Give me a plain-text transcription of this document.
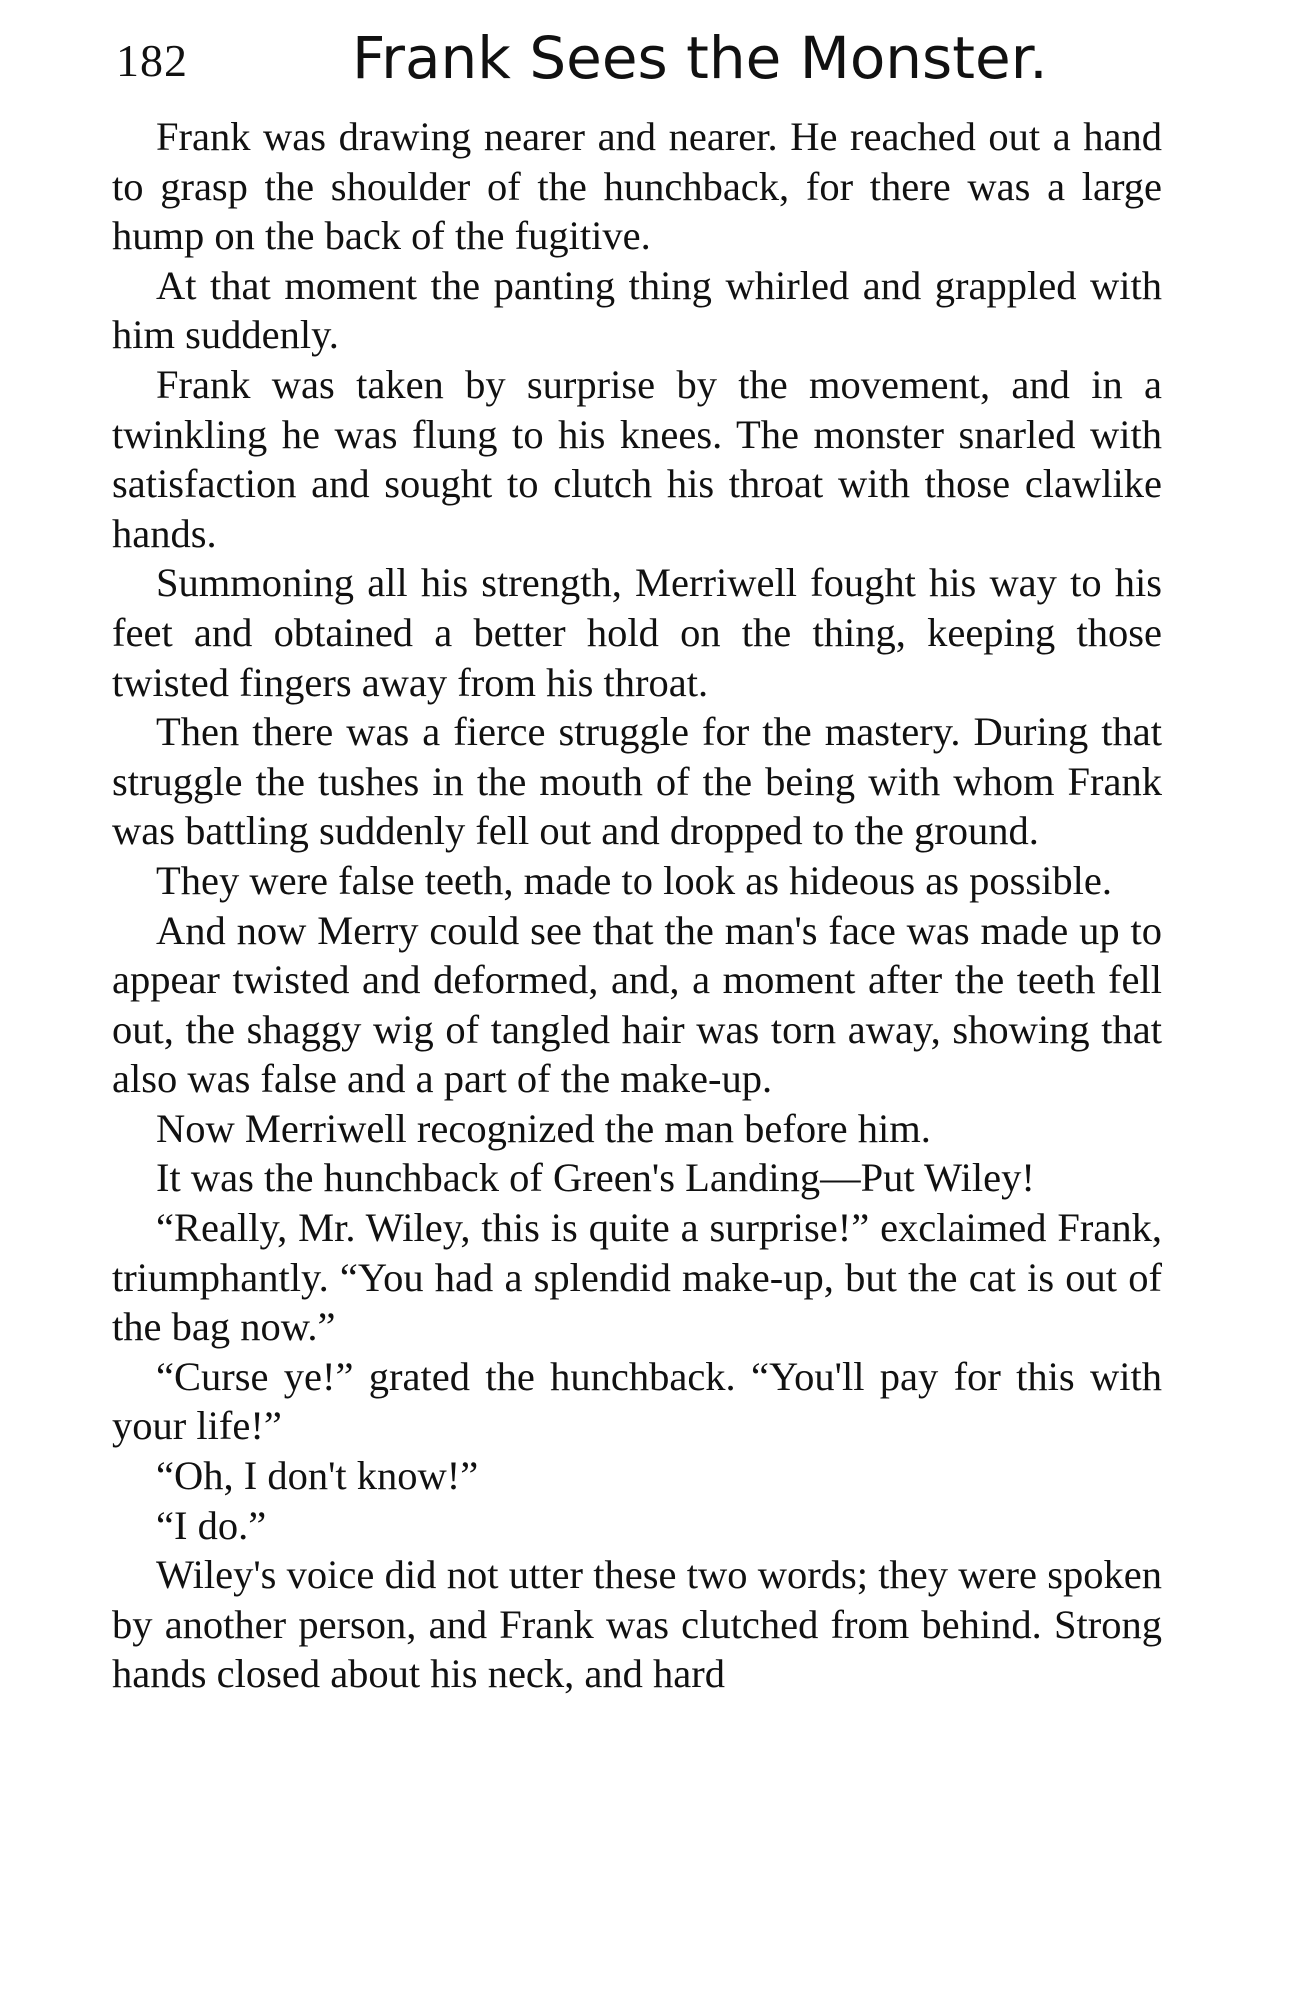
182	Frank Sees the Monster.

Frank was drawing nearer and nearer. He reached out a hand to grasp the shoulder of the hunchback, for there was a large hump on the back of the fugitive.

At that moment the panting thing whirled and grappled with him suddenly.

Frank was taken by surprise by the movement, and in a twinkling he was flung to his knees. The monster snarled with satisfaction and sought to clutch his throat with those clawlike hands.

Summoning all his strength, Merriwell fought his way to his feet and obtained a better hold on the thing, keeping those twisted fingers away from his throat.

Then there was a fierce struggle for the mastery. During that struggle the tushes in the mouth of the being with whom Frank was battling suddenly fell out and dropped to the ground.

They were false teeth, made to look as hideous as possible.

And now Merry could see that the man's face was made up to appear twisted and deformed, and, a moment after the teeth fell out, the shaggy wig of tangled hair was torn away, showing that also was false and a part of the make-up.

Now Merriwell recognized the man before him.

It was the hunchback of Green's Landing—Put Wiley!

“Really, Mr. Wiley, this is quite a surprise!” exclaimed Frank, triumphantly. “You had a splendid make-up, but the cat is out of the bag now.”

“Curse ye!” grated the hunchback. “You'll pay for this with your life!”

“Oh, I don't know!”

“I do.”

Wiley's voice did not utter these two words; they were spoken by another person, and Frank was clutched from behind. Strong hands closed about his neck, and hard
